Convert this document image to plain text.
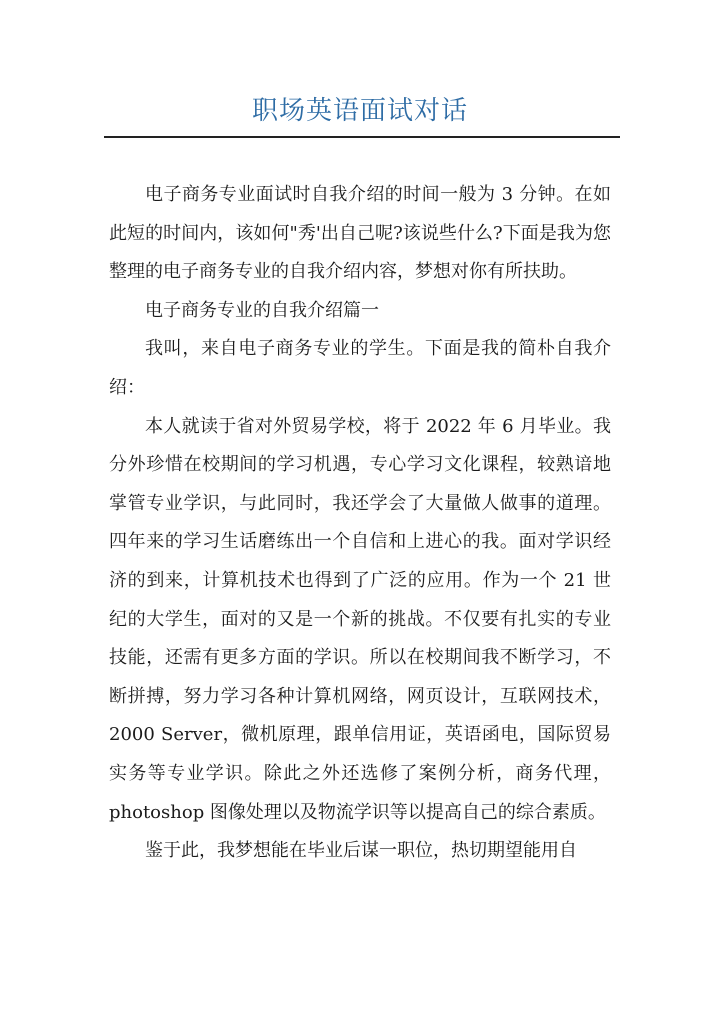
职场英语面试对话

电子商务专业面试时自我介绍的时间一般为 3 分钟。在如此短的时间内，该如何"秀'出自己呢?该说些什么?下面是我为您整理的电子商务专业的自我介绍内容，梦想对你有所扶助。

电子商务专业的自我介绍篇一

我叫，来自电子商务专业的学生。下面是我的简朴自我介绍：

本人就读于省对外贸易学校，将于 2022 年 6 月毕业。我分外珍惜在校期间的学习机遇，专心学习文化课程，较熟谙地掌管专业学识，与此同时，我还学会了大量做人做事的道理。四年来的学习生话磨练出一个自信和上进心的我。面对学识经济的到来，计算机技术也得到了广泛的应用。作为一个 21 世纪的大学生，面对的又是一个新的挑战。不仅要有扎实的专业技能，还需有更多方面的学识。所以在校期间我不断学习，不断拼搏，努力学习各种计算机网络，网页设计，互联网技术，2000 Server，微机原理，跟单信用证，英语函电，国际贸易实务等专业学识。除此之外还选修了案例分析，商务代理，photoshop 图像处理以及物流学识等以提高自己的综合素质。

鉴于此，我梦想能在毕业后谋一职位，热切期望能用自
